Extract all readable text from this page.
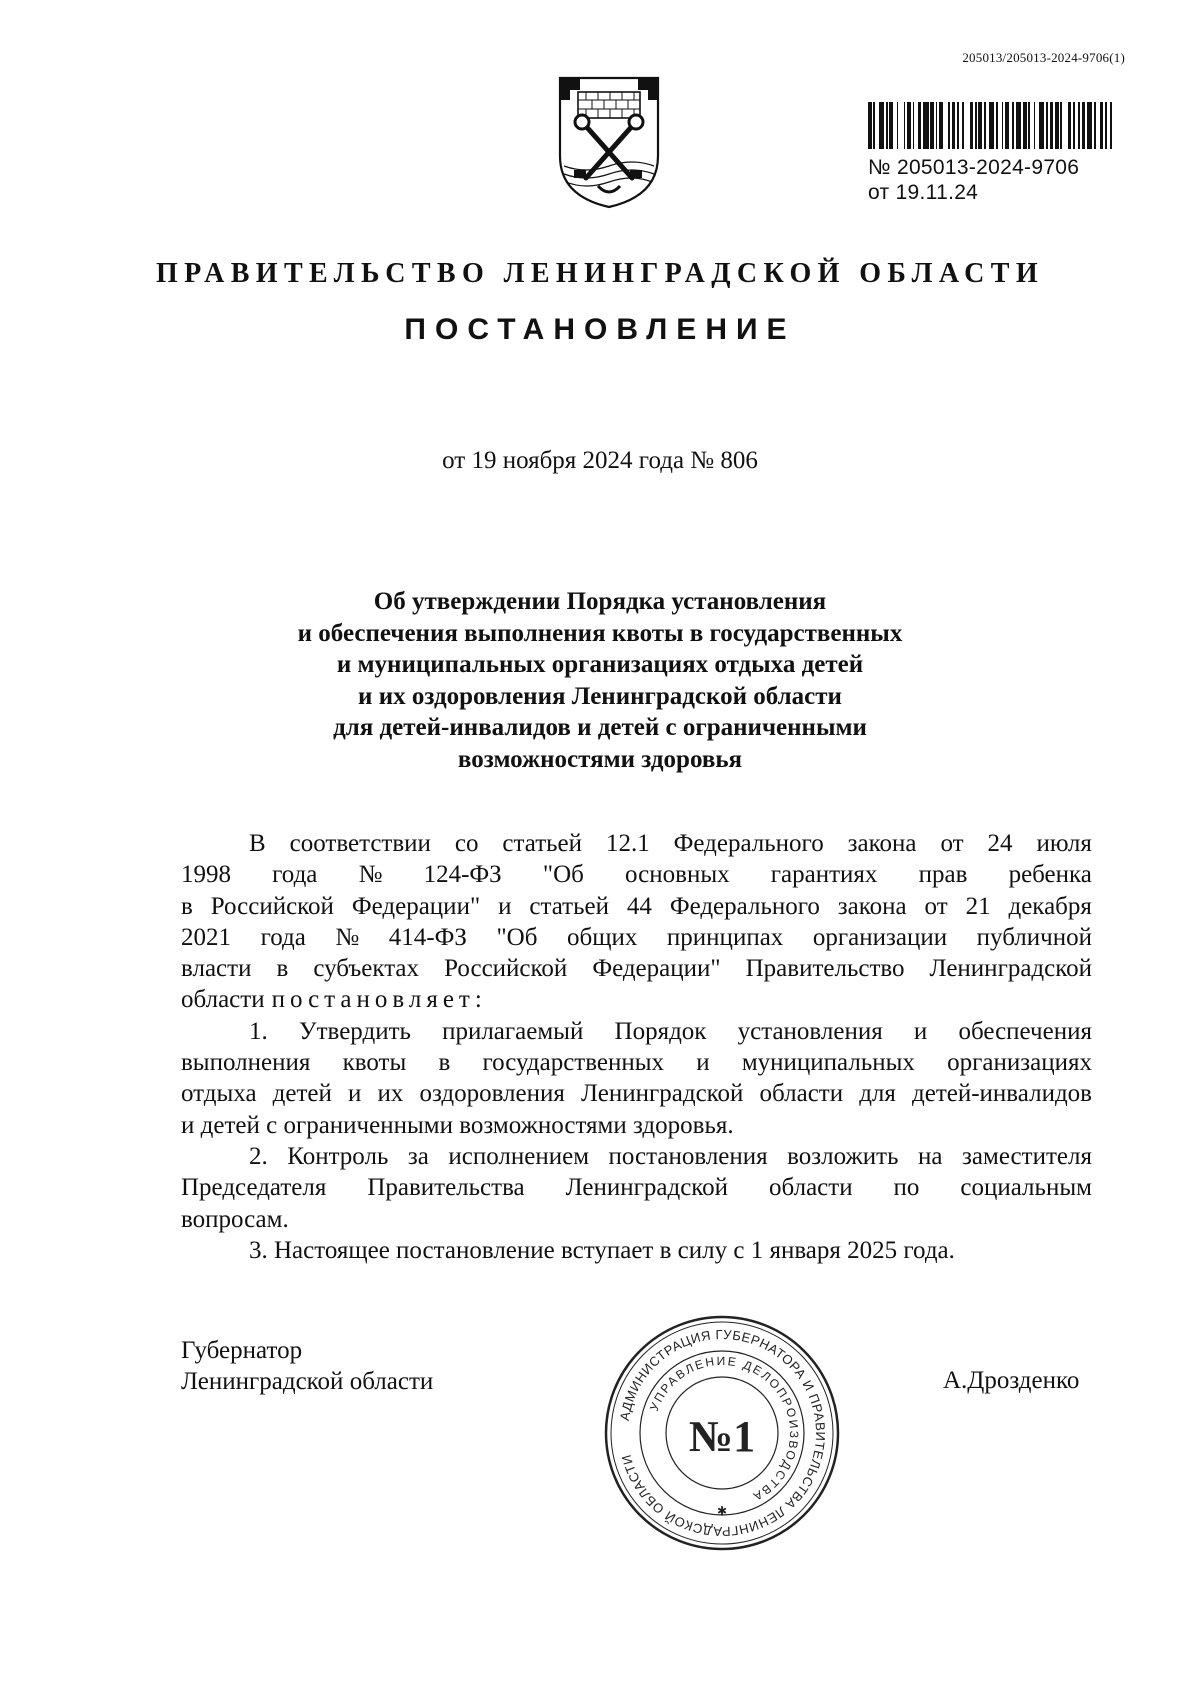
205013/205013-2024-9706(1)
№ 205013-2024-9706
от 19.11.24
ПРАВИТЕЛЬСТВО ЛЕНИНГРАДСКОЙ ОБЛАСТИ
ПОСТАНОВЛЕНИЕ
от 19 ноября 2024 года № 806
Об утверждении Порядка установления
и обеспечения выполнения квоты в государственных
и муниципальных организациях отдыха детей
и их оздоровления Ленинградской области
для детей-инвалидов и детей с ограниченными
возможностями здоровья
В соответствии со статьей 12.1 Федерального закона от 24 июля
1998 года № 124-ФЗ "Об основных гарантиях прав ребенка
в Российской Федерации" и статьей 44 Федерального закона от 21 декабря
2021 года № 414-ФЗ "Об общих принципах организации публичной
власти в субъектах Российской Федерации" Правительство Ленинградской
области постановляет:
1. Утвердить прилагаемый Порядок установления и обеспечения
выполнения квоты в государственных и муниципальных организациях
отдыха детей и их оздоровления Ленинградской области для детей-инвалидов
и детей с ограниченными возможностями здоровья.
2. Контроль за исполнением постановления возложить на заместителя
Председателя Правительства Ленинградской области по социальным
вопросам.
3. Настоящее постановление вступает в силу с 1 января 2025 года.
Губернатор
Ленинградской области	А.Дрозденко
АДМИНИСТРАЦИЯ ГУБЕРНАТОРА И ПРАВИТЕЛЬСТВА ЛЕНИНГРАДСКОЙ ОБЛАСТИ
УПРАВЛЕНИЕ ДЕЛОПРОИЗВОДСТВА
№1
✱
